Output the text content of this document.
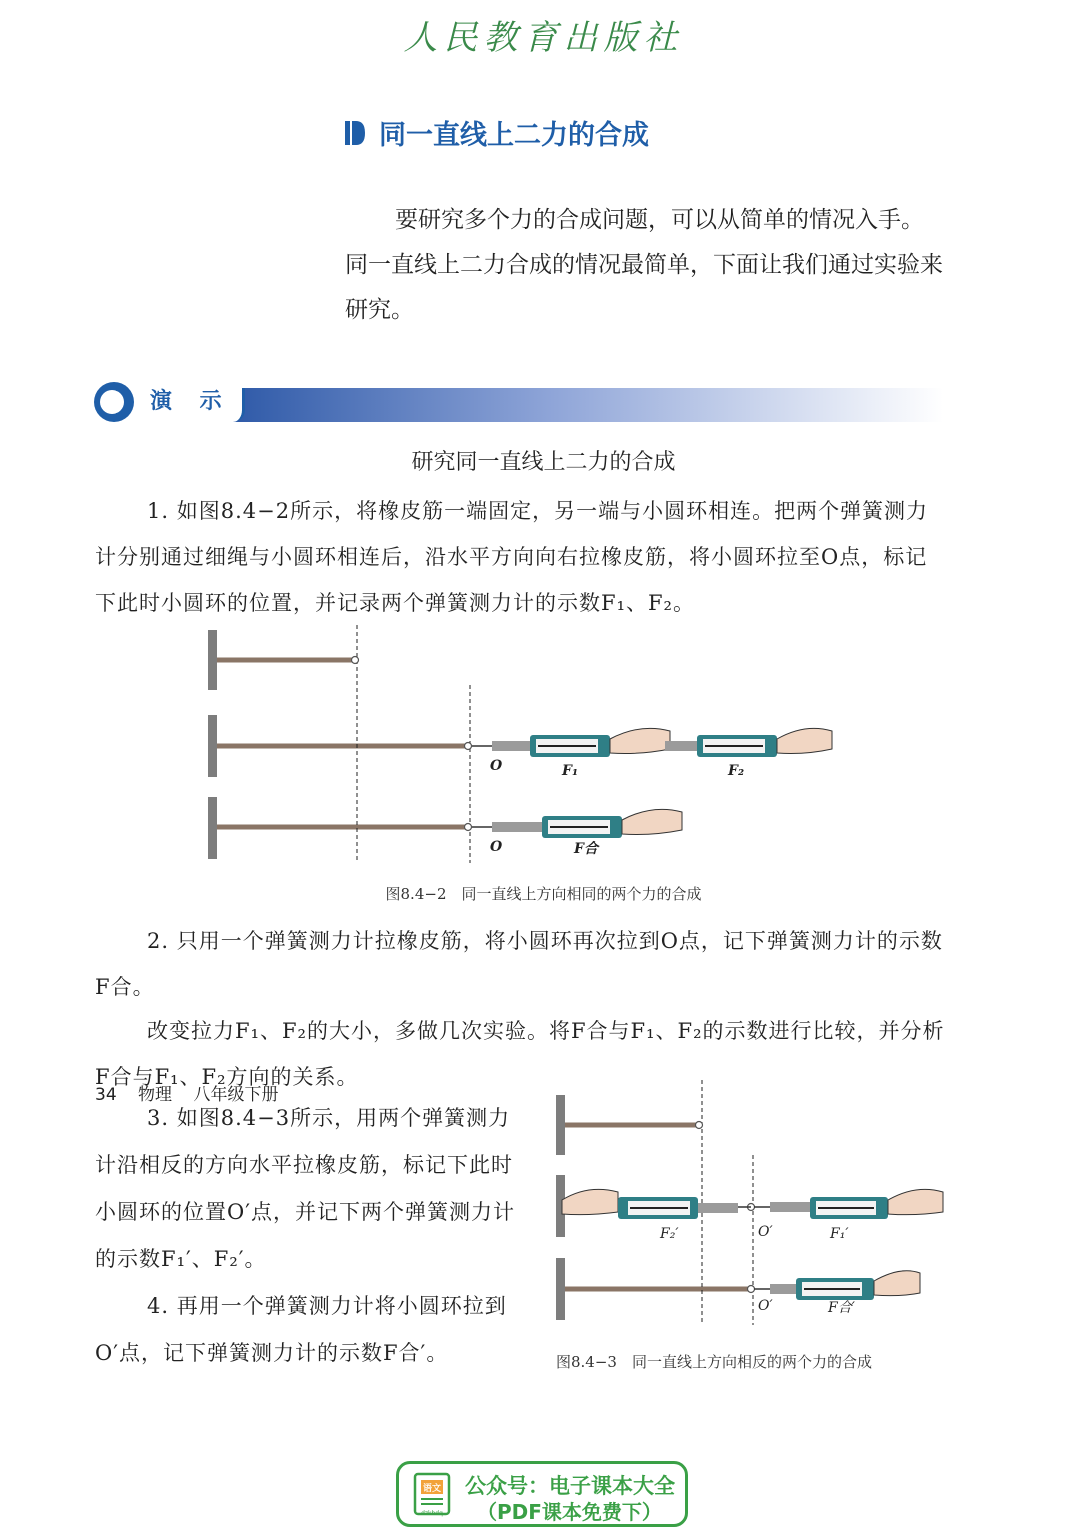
人民教育出版社
同一直线上二力的合成

要研究多个力的合成问题，可以从简单的情况入手。同一直线上二力合成的情况最简单，下面让我们通过实验来研究。

演 示
研究同一直线上二力的合成

1. 如图8.4−2所示，将橡皮筋一端固定，另一端与小圆环相连。把两个弹簧测力计分别通过细绳与小圆环相连后，沿水平方向向右拉橡皮筋，将小圆环拉至O点，标记下此时小圆环的位置，并记录两个弹簧测力计的示数F₁、F₂。

O	F₁	F₂
O	F合
图8.4−2　同一直线上方向相同的两个力的合成

2. 只用一个弹簧测力计拉橡皮筋，将小圆环再次拉到O点，记下弹簧测力计的示数F合。

改变拉力F₁、F₂的大小，多做几次实验。将F合与F₁、F₂的示数进行比较，并分析F合与F₁、F₂方向的关系。

3. 如图8.4−3所示，用两个弹簧测力计沿相反的方向水平拉橡皮筋，标记下此时小圆环的位置O′点，并记下两个弹簧测力计的示数F₁′、F₂′。

4. 再用一个弹簧测力计将小圆环拉到O′点，记下弹簧测力计的示数F合′。

F₂′	O′	F₁′
O′	F合′
图8.4−3　同一直线上方向相反的两个力的合成
34 物理 八年级下册
语文
dzkbdq
公众号：电子课本大全
（PDF课本免费下）
